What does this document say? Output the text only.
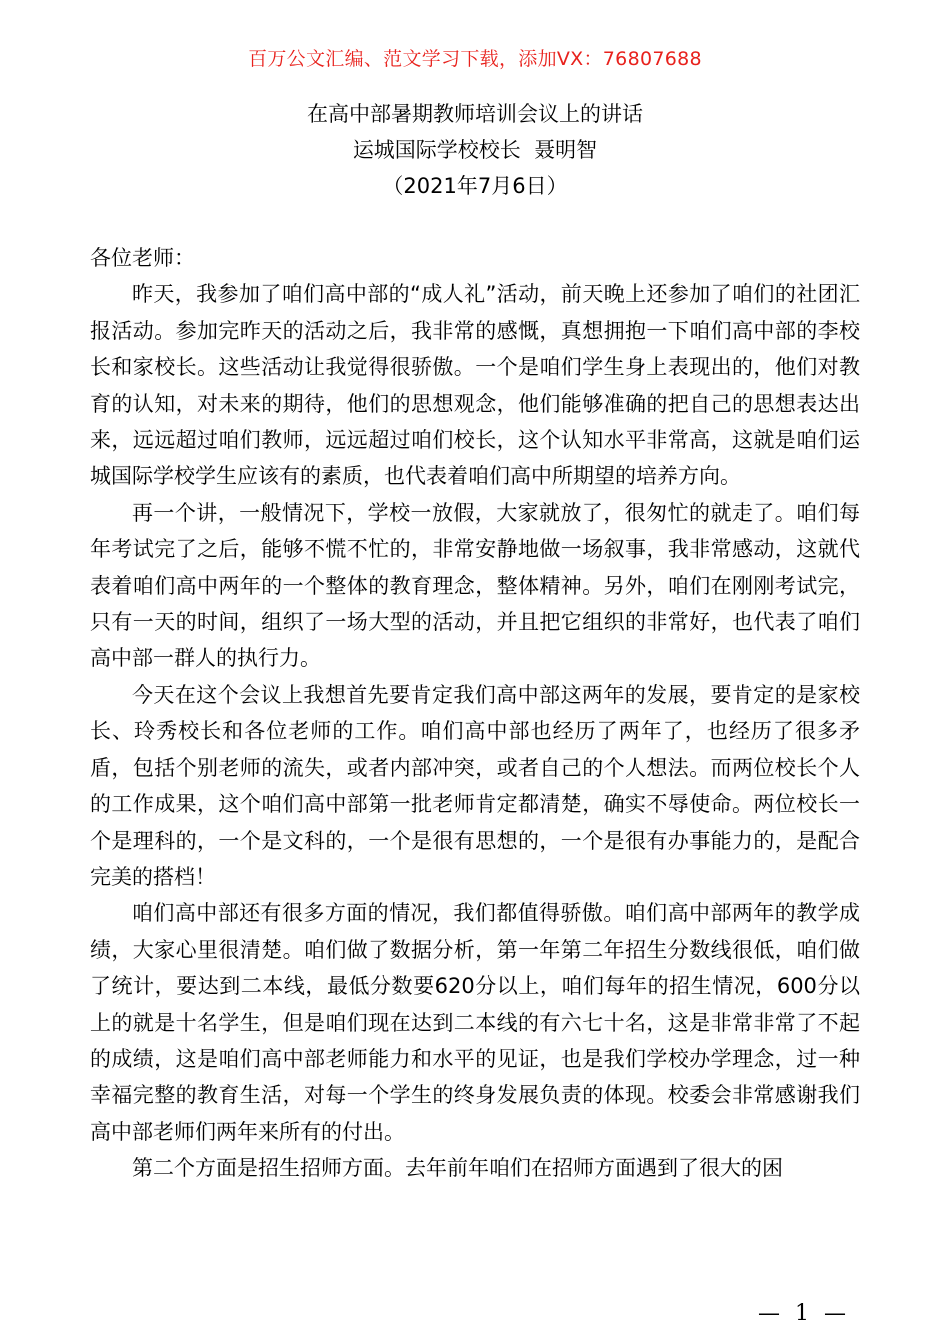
百万公文汇编、范文学习下载，添加VX：76807688
在高中部暑期教师培训会议上的讲话
运城国际学校校长  聂明智
（2021年7月6日）

各位老师：

昨天，我参加了咱们高中部的“成人礼”活动，前天晚上还参加了咱们的社团汇报活动。参加完昨天的活动之后，我非常的感慨，真想拥抱一下咱们高中部的李校长和家校长。这些活动让我觉得很骄傲。一个是咱们学生身上表现出的，他们对教育的认知，对未来的期待，他们的思想观念，他们能够准确的把自己的思想表达出来，远远超过咱们教师，远远超过咱们校长，这个认知水平非常高，这就是咱们运城国际学校学生应该有的素质，也代表着咱们高中所期望的培养方向。

再一个讲，一般情况下，学校一放假，大家就放了，很匆忙的就走了。咱们每年考试完了之后，能够不慌不忙的，非常安静地做一场叙事，我非常感动，这就代表着咱们高中两年的一个整体的教育理念，整体精神。另外，咱们在刚刚考试完，只有一天的时间，组织了一场大型的活动，并且把它组织的非常好，也代表了咱们高中部一群人的执行力。

今天在这个会议上我想首先要肯定我们高中部这两年的发展，要肯定的是家校长、玲秀校长和各位老师的工作。咱们高中部也经历了两年了，也经历了很多矛盾，包括个别老师的流失，或者内部冲突，或者自己的个人想法。而两位校长个人的工作成果，这个咱们高中部第一批老师肯定都清楚，确实不辱使命。两位校长一个是理科的，一个是文科的，一个是很有思想的，一个是很有办事能力的，是配合完美的搭档！

咱们高中部还有很多方面的情况，我们都值得骄傲。咱们高中部两年的教学成绩，大家心里很清楚。咱们做了数据分析，第一年第二年招生分数线很低，咱们做了统计，要达到二本线，最低分数要620分以上，咱们每年的招生情况，600分以上的就是十名学生，但是咱们现在达到二本线的有六七十名，这是非常非常了不起的成绩，这是咱们高中部老师能力和水平的见证，也是我们学校办学理念，过一种幸福完整的教育生活，对每一个学生的终身发展负责的体现。校委会非常感谢我们高中部老师们两年来所有的付出。

第二个方面是招生招师方面。去年前年咱们在招师方面遇到了很大的困

— 1 —
